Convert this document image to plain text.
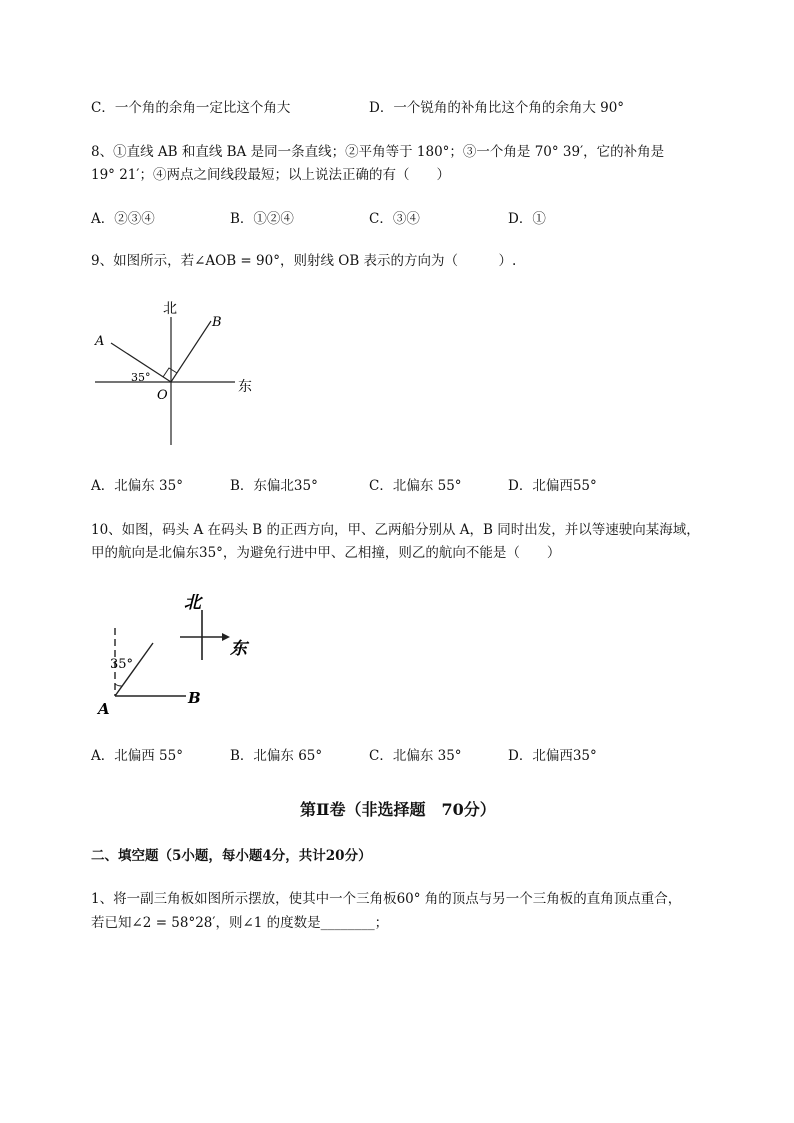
C．一个角的余角一定比这个角大	D．一个锐角的补角比这个角的余角大 90°
8、①直线 AB 和直线 BA 是同一条直线；②平角等于 180°；③一个角是 70° 39′，它的补角是
19° 21′；④两点之间线段最短；以上说法正确的有（　　）
A．②③④	B．①②④	C．③④	D．①
9、如图所示，若∠AOB = 90°，则射线 OB 表示的方向为（　　　）.
北
东
A
B
O
35°
A．北偏东 35°	B．东偏北35°	C．北偏东 55°	D．北偏西55°
10、如图，码头 A 在码头 B 的正西方向，甲、乙两船分别从 A，B 同时出发，并以等速驶向某海域，
甲的航向是北偏东35°，为避免行进中甲、乙相撞，则乙的航向不能是（　　）
北
东
35°
A
B
A．北偏西 55°	B．北偏东 65°	C．北偏东 35°	D．北偏西35°
第Ⅱ卷（非选择题　70分）
二、填空题（5小题，每小题4分，共计20分）
1、将一副三角板如图所示摆放，使其中一个三角板60° 角的顶点与另一个三角板的直角顶点重合，
若已知∠2 = 58°28′，则∠1 的度数是________；
